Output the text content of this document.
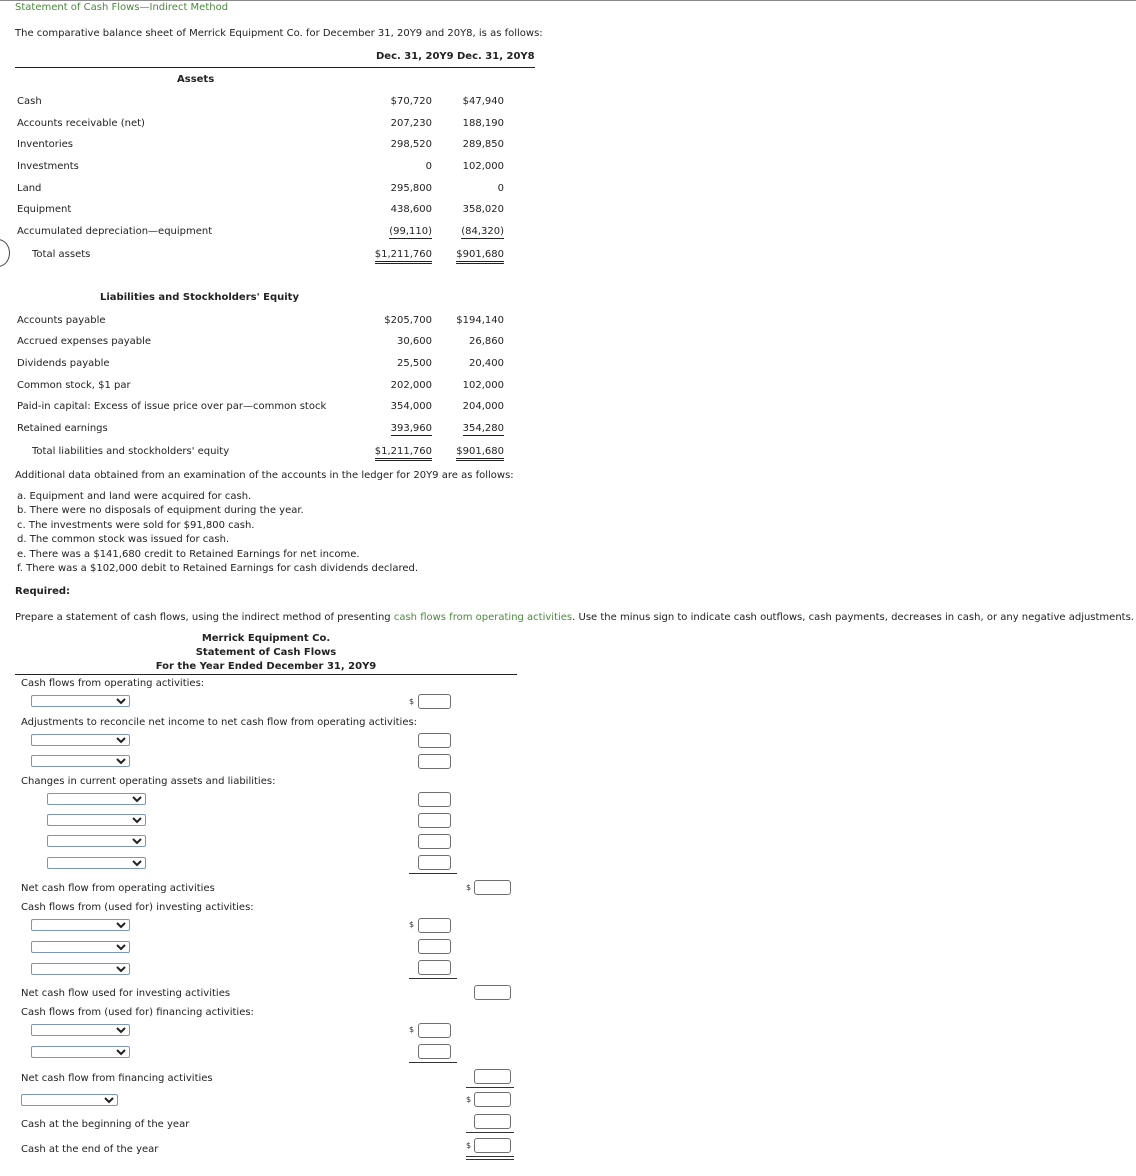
Statement of Cash Flows—Indirect Method
The comparative balance sheet of Merrick Equipment Co. for December 31, 20Y9 and 20Y8, is as follows:
Dec. 31, 20Y9 Dec. 31, 20Y8
Assets
Cash	$70,720	$47,940
Accounts receivable (net)	207,230	188,190
Inventories	298,520	289,850
Investments	0	102,000
Land	295,800	0
Equipment	438,600	358,020
Accumulated depreciation—equipment	(99,110)	(84,320)
Total assets	$1,211,760 $901,680
Liabilities and Stockholders' Equity
Accounts payable	$205,700 $194,140
Accrued expenses payable	30,600	26,860
Dividends payable	25,500	20,400
Common stock, $1 par	202,000	102,000
Paid-in capital: Excess of issue price over par—common stock	354,000	204,000
Retained earnings	393,960	354,280
Total liabilities and stockholders' equity	$1,211,760 $901,680
Additional data obtained from an examination of the accounts in the ledger for 20Y9 are as follows:
a. Equipment and land were acquired for cash.
b. There were no disposals of equipment during the year.
c. The investments were sold for $91,800 cash.
d. The common stock was issued for cash.
e. There was a $141,680 credit to Retained Earnings for net income.
f. There was a $102,000 debit to Retained Earnings for cash dividends declared.
Required:
Prepare a statement of cash flows, using the indirect method of presenting cash flows from operating activities. Use the minus sign to indicate cash outflows, cash payments, decreases in cash, or any negative adjustments.
Merrick Equipment Co.
Statement of Cash Flows
For the Year Ended December 31, 20Y9
Cash flows from operating activities:
$
Adjustments to reconcile net income to net cash flow from operating activities:
Changes in current operating assets and liabilities:
Net cash flow from operating activities	$
Cash flows from (used for) investing activities:
$
Net cash flow used for investing activities
Cash flows from (used for) financing activities:
$
Net cash flow from financing activities
$
Cash at the beginning of the year
Cash at the end of the year	$
